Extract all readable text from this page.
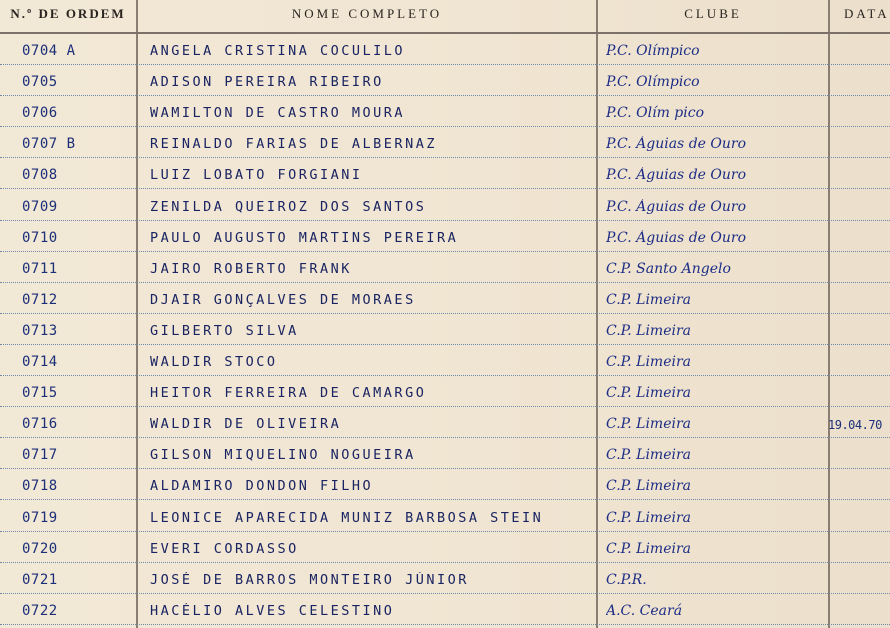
N.º DE ORDEM	NOME COMPLETO	CLUBE	DATA
0704 A	ANGELA CRISTINA COCULILO	P.C. Olímpico
0705	ADISON PEREIRA RIBEIRO	P.C. Olímpico
0706	WAMILTON DE CASTRO MOURA	P.C. Olím pico
0707 B	REINALDO FARIAS DE ALBERNAZ	P.C. Águias de Ouro
0708	LUIZ LOBATO FORGIANI	P.C. Águias de Ouro
0709	ZENILDA QUEIROZ DOS SANTOS	P.C. Águias de Ouro
0710	PAULO AUGUSTO MARTINS PEREIRA	P.C. Águias de Ouro
0711	JAIRO ROBERTO FRANK	C.P. Santo Angelo
0712	DJAIR GONÇALVES DE MORAES	C.P. Limeira
0713	GILBERTO SILVA	C.P. Limeira
0714	WALDIR STOCO	C.P. Limeira
0715	HEITOR FERREIRA DE CAMARGO	C.P. Limeira
0716	WALDIR DE OLIVEIRA	C.P. Limeira	19.04.70
0717	GILSON MIQUELINO NOGUEIRA	C.P. Limeira
0718	ALDAMIRO DONDON FILHO	C.P. Limeira
0719	LEONICE APARECIDA MUNIZ BARBOSA STEIN	C.P. Limeira
0720	EVERI CORDASSO	C.P. Limeira
0721	JOSÉ DE BARROS MONTEIRO JÚNIOR	C.P.R.
0722	HACÉLIO ALVES CELESTINO	A.C. Ceará
